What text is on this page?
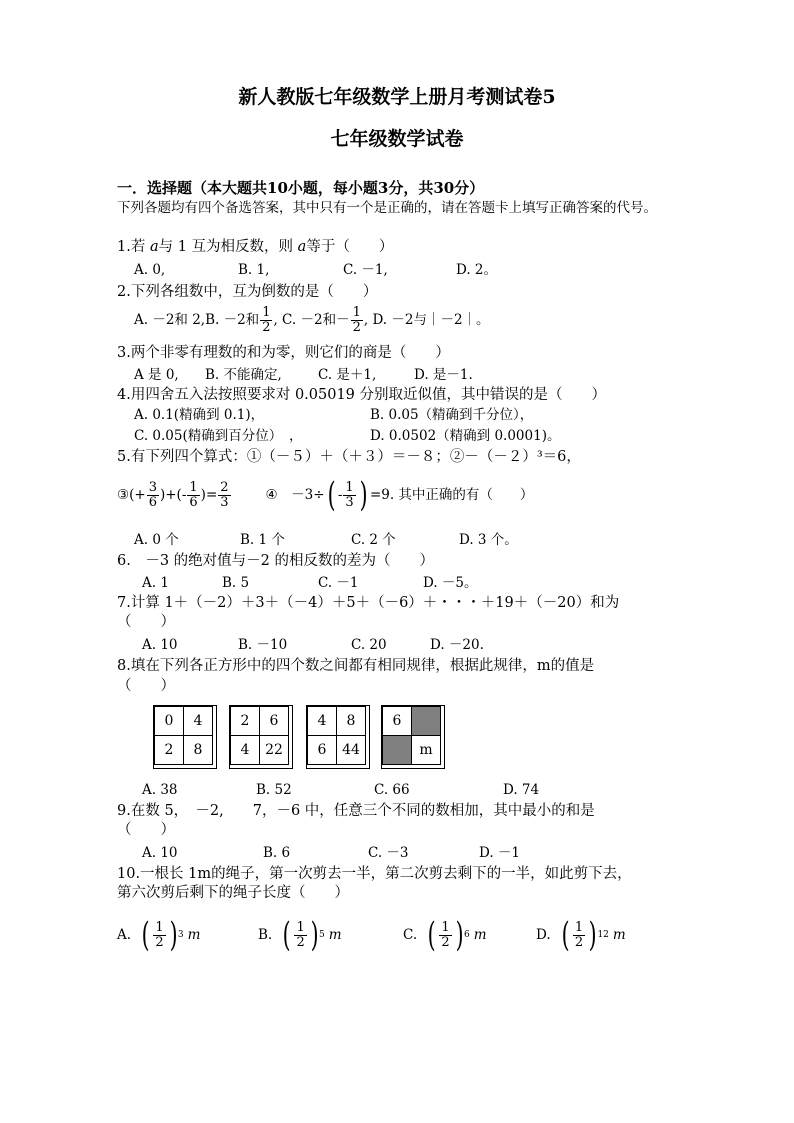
新人教版七年级数学上册月考测试卷5
七年级数学试卷
一．选择题（本大题共10小题，每小题3分，共30分）
下列各题均有四个备选答案，其中只有一个是正确的，请在答题卡上填写正确答案的代号。
1.若 a与 1 互为相反数，则 a等于（　　）
A. 0,	B. 1,	C. －1,	D. 2。
2.下列各组数中，互为倒数的是（　　）
A. －2和 2, B. －2和 $\frac{1}{2}$ , C. －2和－ $\frac{1}{2}$ , D. －2与｜－2｜。
3.两个非零有理数的和为零，则它们的商是（　　）
A 是 0, B. 不能确定,	C. 是＋1,	D. 是－1.
4.用四舍五入法按照要求对 0.05019 分别取近似值，其中错误的是（　　）
A. 0.1(精确到 0.1)，	B. 0.05（精确到千分位），
C. 0.05(精确到百分位）　，	D. 0.0502（精确到 0.0001)。
5.有下列四个算式：①（－５）＋（＋３）＝－８；②－（－２）³＝6，
③(+ $\frac{3}{6}$ )+(- $\frac{1}{6}$ )= $\frac{2}{3}$	④　－3÷ ( - $\frac{1}{3}$ ) =9. 其中正确的有（　　）
A. 0 个	B. 1 个	C. 2 个	D. 3 个。
6.　－3 的绝对值与－2 的相反数的差为（　　）
A. 1	B. 5	C. －1	D. －5。
7.计算 1＋（－2）＋3＋（－4）＋5＋（－6）＋・・・＋19＋（－20）和为
（　　）
A. 10	B. －10	C. 20	D. －20.
8.填在下列各正方形中的四个数之间都有相同规律，根据此规律，m的值是
（　　）
0	4
2	8
2	6
4	22
4	8
6	44
6	
	m
A. 38	B. 52	C. 66	D. 74
9.在数 5，　－2,　　7，－6 中，任意三个不同的数相加，其中最小的和是
（　　）
A. 10	B. 6	C. －3	D. －1
10.一根长 1m的绳子，第一次剪去一半，第二次剪去剩下的一半，如此剪下去，
第六次剪后剩下的绳子长度（　　）
A. ( $\frac{1}{2}$ ) 3 m	B. ( $\frac{1}{2}$ ) 5 m	C. ( $\frac{1}{2}$ ) 6 m	D. ( $\frac{1}{2}$ ) 12 m
